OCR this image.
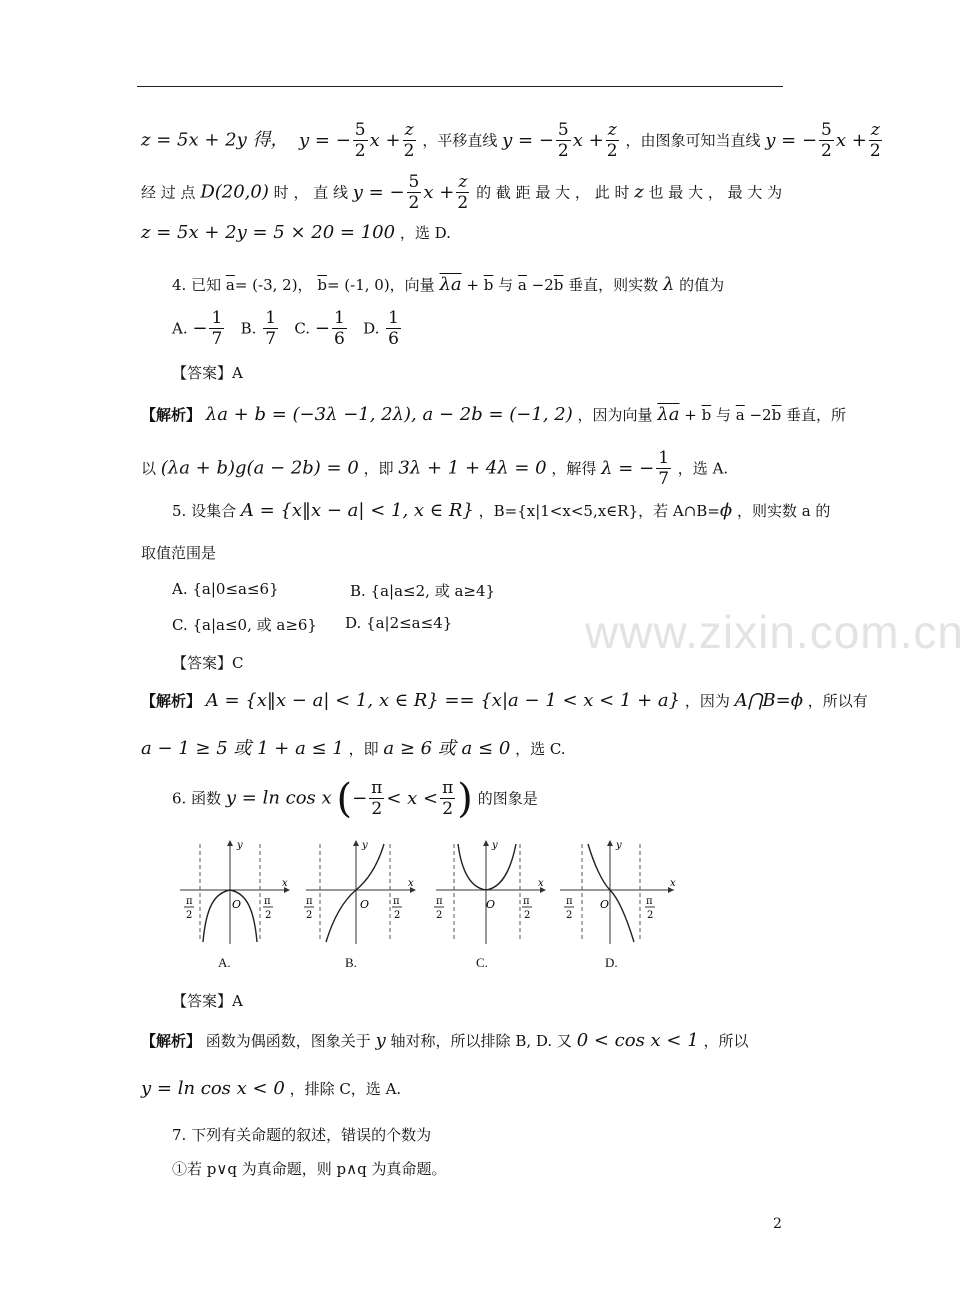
z = 5x + 2y 得， y = − $\frac{5}{2}$ $x + \frac{z}{2}$ ，平移直线 y = − $\frac{5}{2}$ $x + \frac{z}{2}$ ，由图象可知当直线 y = − $\frac{5}{2}$ $x + \frac{z}{2}$
经 过 点 D(20,0) 时 ， 直 线 y = − $\frac{5}{2}$ $x + \frac{z}{2}$ 的 截 距 最 大 ， 此 时 z 也 最 大 ， 最 大 为
z = 5x + 2y = 5 × 20 = 100 ，选 D.
4. 已知 $\overline{a}= (-3$, 2)， $\overline{b}= (-1$, 0)，向量 $\lambda a + \overline{b}$ 与 $\overline{a} -2\overline{b}$ 垂直，则实数 λ 的值为
A. − $\frac{1}{7} B$. $\frac{1}{7} C$. − $\frac{1}{6} D$. $\frac{1}{6}$
【答案】A
【解析】 λa + b = (−3λ −1, 2λ), a − 2b = (−1, 2) ，因为向量 $\lambda a + \overline{b}$ 与 $\overline{a} -2\overline{b}$ 垂直，所
以 (λa + b)g(a − 2b) = 0 ，即 3λ + 1 + 4λ = 0 ，解得 λ = − $\frac{1}{7}$ ，选 A.
5. 设集合 A = {x‖x − a| < 1, x ∈ R} ，B={x|1<x<5,x∈R}，若 A∩B=ϕ ，则实数 a 的
取值范围是
A. {a|0≤a≤6}	B. {a|a≤2, 或 a≥4}
C. {a|a≤0, 或 a≥6} D. {a|2≤a≤4}	www.zixin.com.cn
【答案】C
【解析】 A = {x‖x − a| < 1, x ∈ R} == {x|a − 1 < x < 1 + a} ，因为 A⋂B=ϕ ，所以有
a − 1 ≥ 5 或 1 + a ≤ 1 ，即 a ≥ 6 或 a ≤ 0 ，选 C.
6. 函数 y = ln cos x (− $\frac{\pi}{2} < x < \frac{\pi}{2}$ ) 的图象是
y
x
O
π
2
π
2
y
x
O
π
2
π
2
y
x
O
π
2
π
2
y
x
O
π
2
π
2
A.	B.	C.	D.
【答案】A
【解析】 函数为偶函数，图象关于 y 轴对称，所以排除 B, D. 又 0 < cos x < 1 ，所以
y = ln cos x < 0 ，排除 C，选 A.
7. 下列有关命题的叙述，错误的个数为
①若 p∨q 为真命题，则 p∧q 为真命题。
2
